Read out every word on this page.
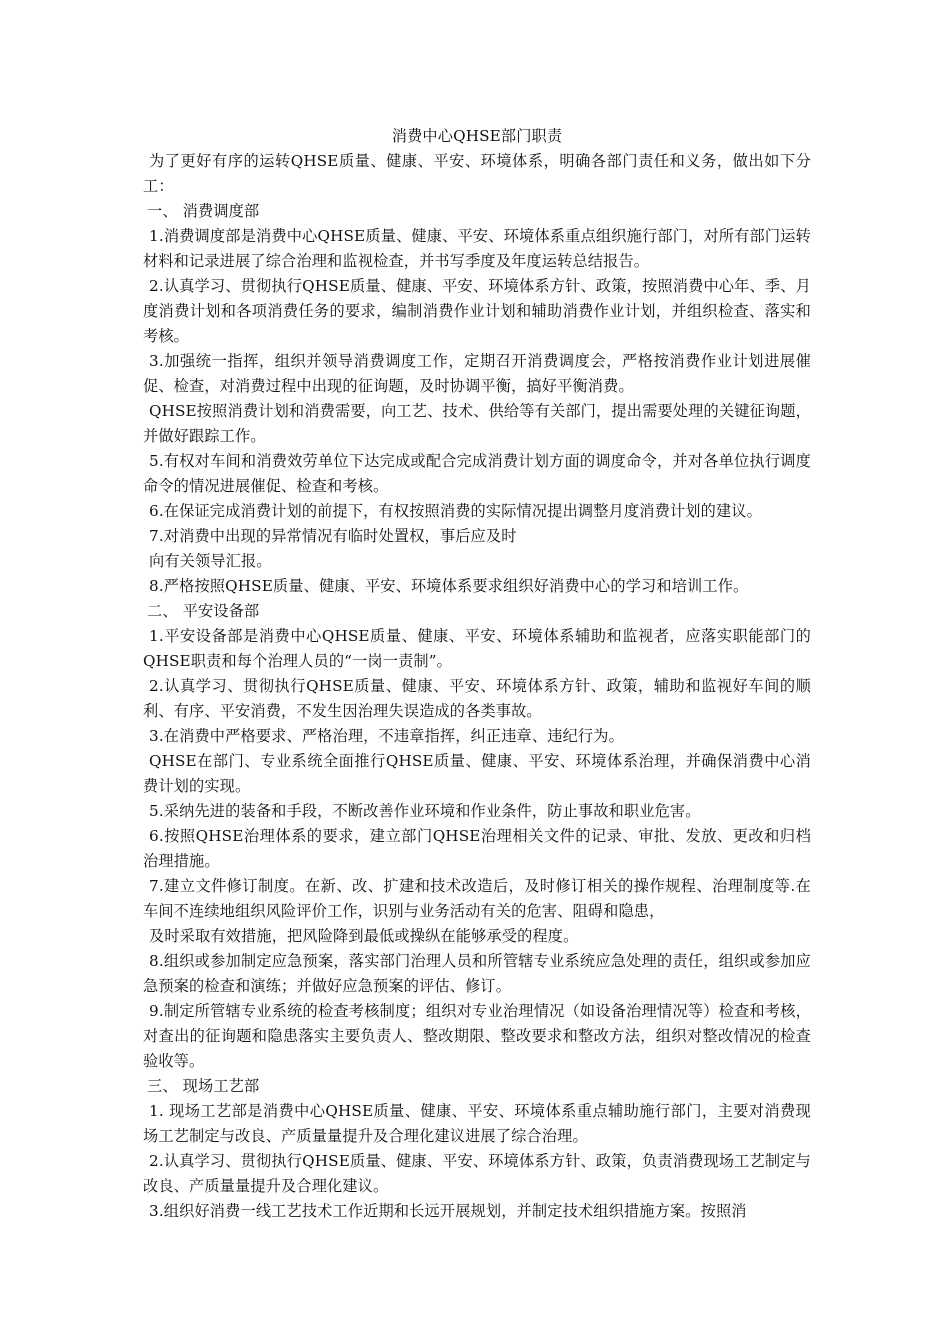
消费中心QHSE部门职责

为了更好有序的运转QHSE质量、健康、平安、环境体系，明确各部门责任和义务，做出如下分工：

一、 消费调度部

1.消费调度部是消费中心QHSE质量、健康、平安、环境体系重点组织施行部门，对所有部门运转材料和记录进展了综合治理和监视检查，并书写季度及年度运转总结报告。

2.认真学习、贯彻执行QHSE质量、健康、平安、环境体系方针、政策，按照消费中心年、季、月度消费计划和各项消费任务的要求，编制消费作业计划和辅助消费作业计划，并组织检查、落实和考核。

3.加强统一指挥，组织并领导消费调度工作，定期召开消费调度会，严格按消费作业计划进展催促、检查，对消费过程中出现的征询题，及时协调平衡，搞好平衡消费。

QHSE按照消费计划和消费需要，向工艺、技术、供给等有关部门，提出需要处理的关键征询题，并做好跟踪工作。

5.有权对车间和消费效劳单位下达完成或配合完成消费计划方面的调度命令，并对各单位执行调度命令的情况进展催促、检查和考核。

6.在保证完成消费计划的前提下，有权按照消费的实际情况提出调整月度消费计划的建议。

7.对消费中出现的异常情况有临时处置权，事后应及时

向有关领导汇报。

8.严格按照QHSE质量、健康、平安、环境体系要求组织好消费中心的学习和培训工作。

二、 平安设备部

1.平安设备部是消费中心QHSE质量、健康、平安、环境体系辅助和监视者，应落实职能部门的QHSE职责和每个治理人员的“一岗一责制”。

2.认真学习、贯彻执行QHSE质量、健康、平安、环境体系方针、政策，辅助和监视好车间的顺利、有序、平安消费，不发生因治理失误造成的各类事故。

3.在消费中严格要求、严格治理，不违章指挥，纠正违章、违纪行为。

QHSE在部门、专业系统全面推行QHSE质量、健康、平安、环境体系治理，并确保消费中心消费计划的实现。

5.采纳先进的装备和手段，不断改善作业环境和作业条件，防止事故和职业危害。

6.按照QHSE治理体系的要求，建立部门QHSE治理相关文件的记录、审批、发放、更改和归档治理措施。

7.建立文件修订制度。在新、改、扩建和技术改造后，及时修订相关的操作规程、治理制度等.在车间不连续地组织风险评价工作，识别与业务活动有关的危害、阻碍和隐患，

及时采取有效措施，把风险降到最低或操纵在能够承受的程度。

8.组织或参加制定应急预案，落实部门治理人员和所管辖专业系统应急处理的责任，组织或参加应急预案的检查和演练；并做好应急预案的评估、修订。

9.制定所管辖专业系统的检查考核制度；组织对专业治理情况（如设备治理情况等）检查和考核，对查出的征询题和隐患落实主要负责人、整改期限、整改要求和整改方法，组织对整改情况的检查验收等。

三、 现场工艺部

1. 现场工艺部是消费中心QHSE质量、健康、平安、环境体系重点辅助施行部门，主要对消费现场工艺制定与改良、产质量量提升及合理化建议进展了综合治理。

2.认真学习、贯彻执行QHSE质量、健康、平安、环境体系方针、政策，负责消费现场工艺制定与改良、产质量量提升及合理化建议。

3.组织好消费一线工艺技术工作近期和长远开展规划，并制定技术组织措施方案。按照消
